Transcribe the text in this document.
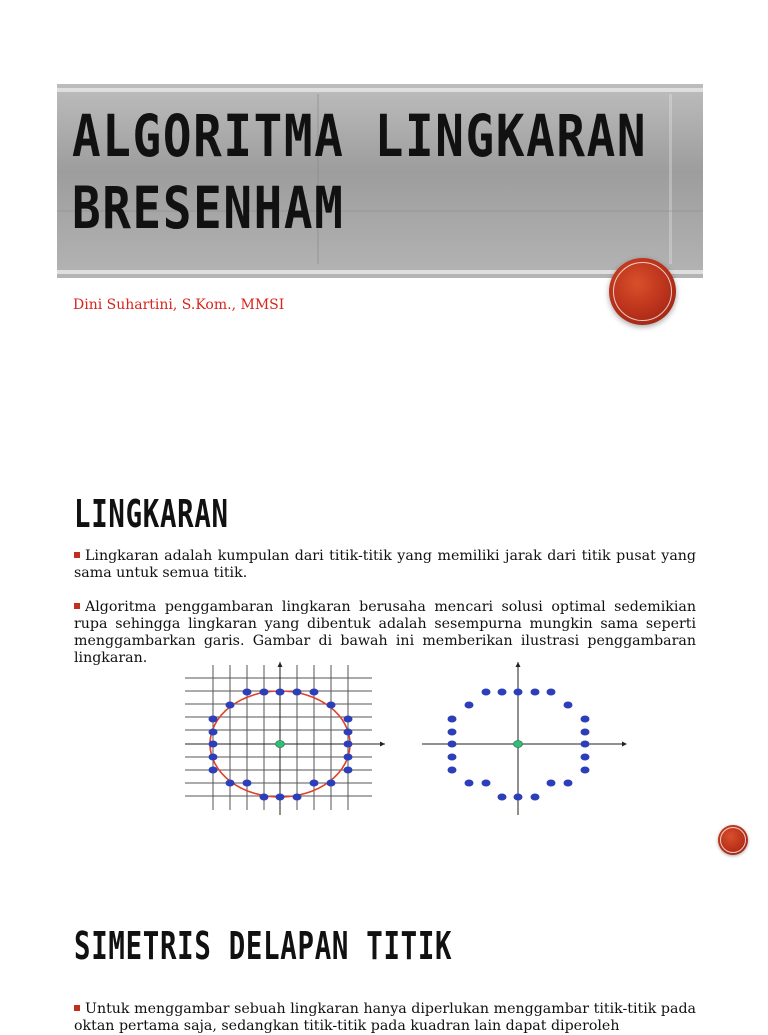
ALGORITMA LINGKARAN
BRESENHAM

Dini Suhartini, S.Kom., MMSI

LINGKARAN

Lingkaran adalah kumpulan dari titik-titik yang memiliki jarak dari titik pusat yang sama untuk semua titik.

Algoritma penggambaran lingkaran berusaha mencari solusi optimal sedemikian rupa sehingga lingkaran yang dibentuk adalah sesempurna mungkin sama seperti menggambarkan garis. Gambar di bawah ini memberikan ilustrasi penggambaran lingkaran.

SIMETRIS DELAPAN TITIK

Untuk menggambar sebuah lingkaran hanya diperlukan menggambar titik-titik pada oktan pertama saja, sedangkan titik-titik pada kuadran lain dapat diperoleh
